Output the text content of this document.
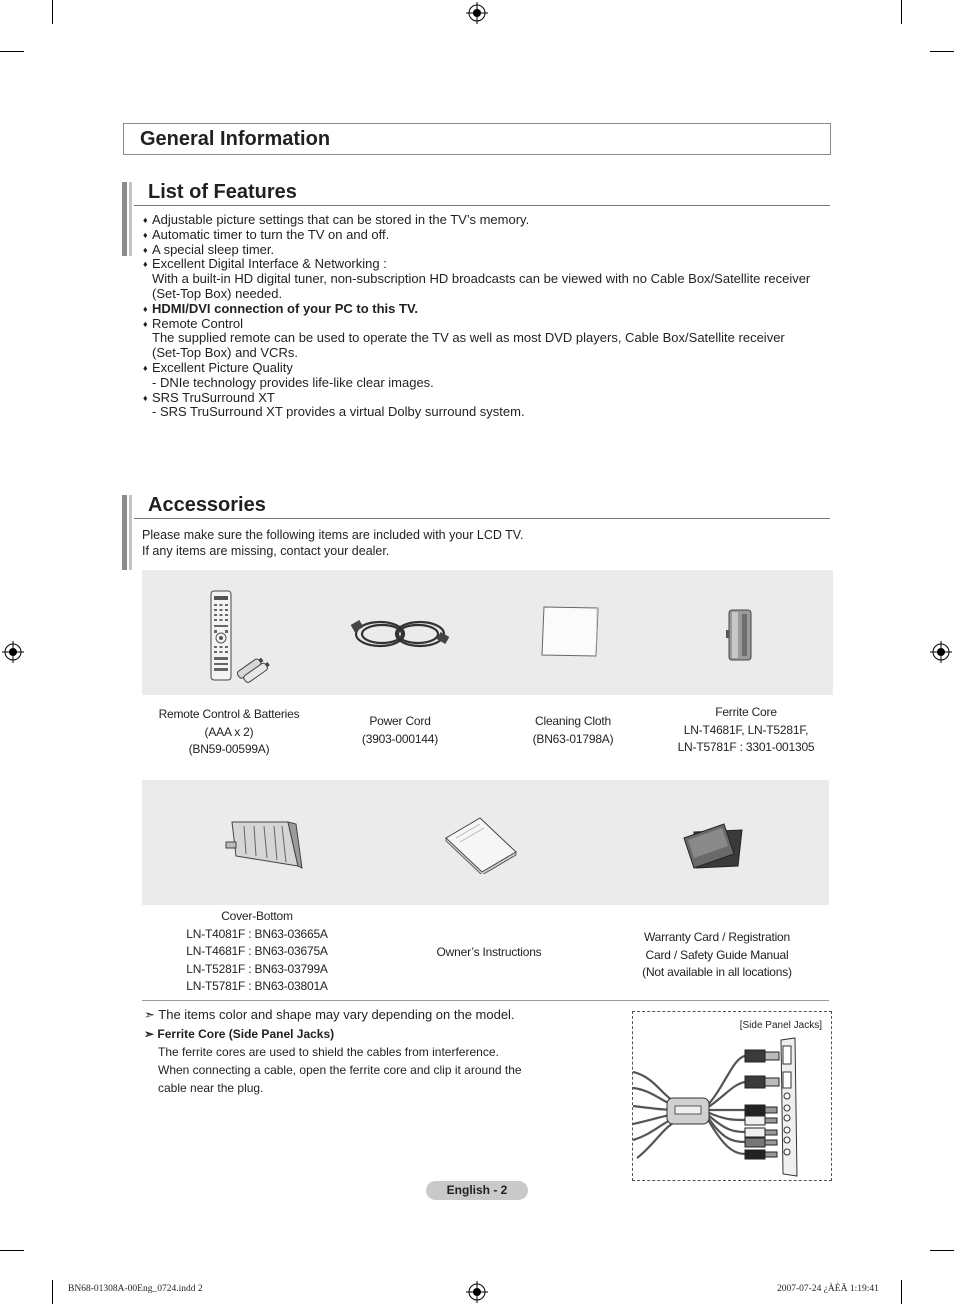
General Information
List of Features
♦ Adjustable picture settings that can be stored in the TV’s memory.
♦ Automatic timer to turn the TV on and off.
♦ A special sleep timer.
♦ Excellent Digital Interface & Networking :
With a built-in HD digital tuner, non-subscription HD broadcasts can be viewed with no Cable Box/Satellite receiver
(Set-Top Box) needed.
♦ HDMI/DVI connection of your PC to this TV.
♦ Remote Control
The supplied remote can be used to operate the TV as well as most DVD players, Cable Box/Satellite receiver
(Set-Top Box) and VCRs.
♦ Excellent Picture Quality
- DNIe technology provides life-like clear images.
♦ SRS TruSurround XT
- SRS TruSurround XT provides a virtual Dolby surround system.
Accessories
Please make sure the following items are included with your LCD TV.
If any items are missing, contact your dealer.
Remote Control & Batteries
(AAA x 2)
(BN59-00599A)
Power Cord
(3903-000144)
Cleaning Cloth
(BN63-01798A)
Ferrite Core
LN-T4681F, LN-T5281F,
LN-T5781F : 3301-001305
Cover-Bottom
LN-T4081F : BN63-03665A
LN-T4681F : BN63-03675A
LN-T5281F : BN63-03799A
LN-T5781F : BN63-03801A
Owner’s Instructions
Warranty Card / Registration
Card / Safety Guide Manual
(Not available in all locations)
➣ The items color and shape may vary depending on the model.
➣ Ferrite Core (Side Panel Jacks)
The ferrite cores are used to shield the cables from interference.
When connecting a cable, open the ferrite core and clip it around the
cable near the plug.
[Side Panel Jacks]
English - 2
BN68-01308A-00Eng_0724.indd 2	2007-07-24 ¿ÀÈÄ 1:19:41
